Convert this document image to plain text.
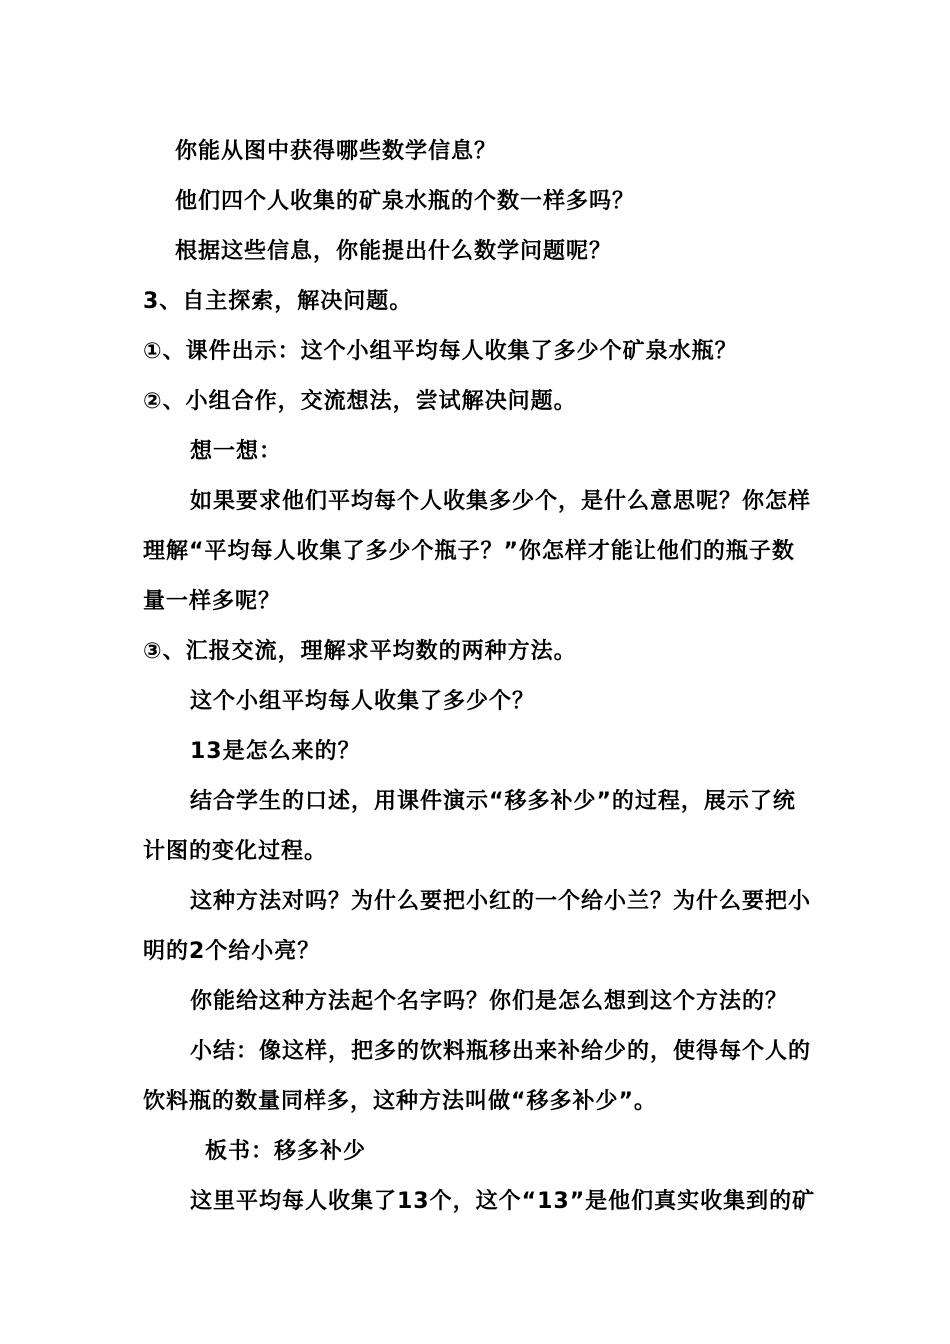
你能从图中获得哪些数学信息？
他们四个人收集的矿泉水瓶的个数一样多吗？
根据这些信息，你能提出什么数学问题呢？
3、自主探索，解决问题。
①、课件出示：这个小组平均每人收集了多少个矿泉水瓶？
②、小组合作，交流想法，尝试解决问题。
想一想：
如果要求他们平均每个人收集多少个，是什么意思呢？你怎样
理解“平均每人收集了多少个瓶子？”你怎样才能让他们的瓶子数
量一样多呢？
③、汇报交流，理解求平均数的两种方法。
这个小组平均每人收集了多少个？
13是怎么来的？
结合学生的口述，用课件演示“移多补少”的过程，展示了统
计图的变化过程。
这种方法对吗？为什么要把小红的一个给小兰？为什么要把小
明的2个给小亮？
你能给这种方法起个名字吗？你们是怎么想到这个方法的？
小结：像这样，把多的饮料瓶移出来补给少的，使得每个人的
饮料瓶的数量同样多，这种方法叫做“移多补少”。
板书：移多补少
这里平均每人收集了13个，这个“13”是他们真实收集到的矿
